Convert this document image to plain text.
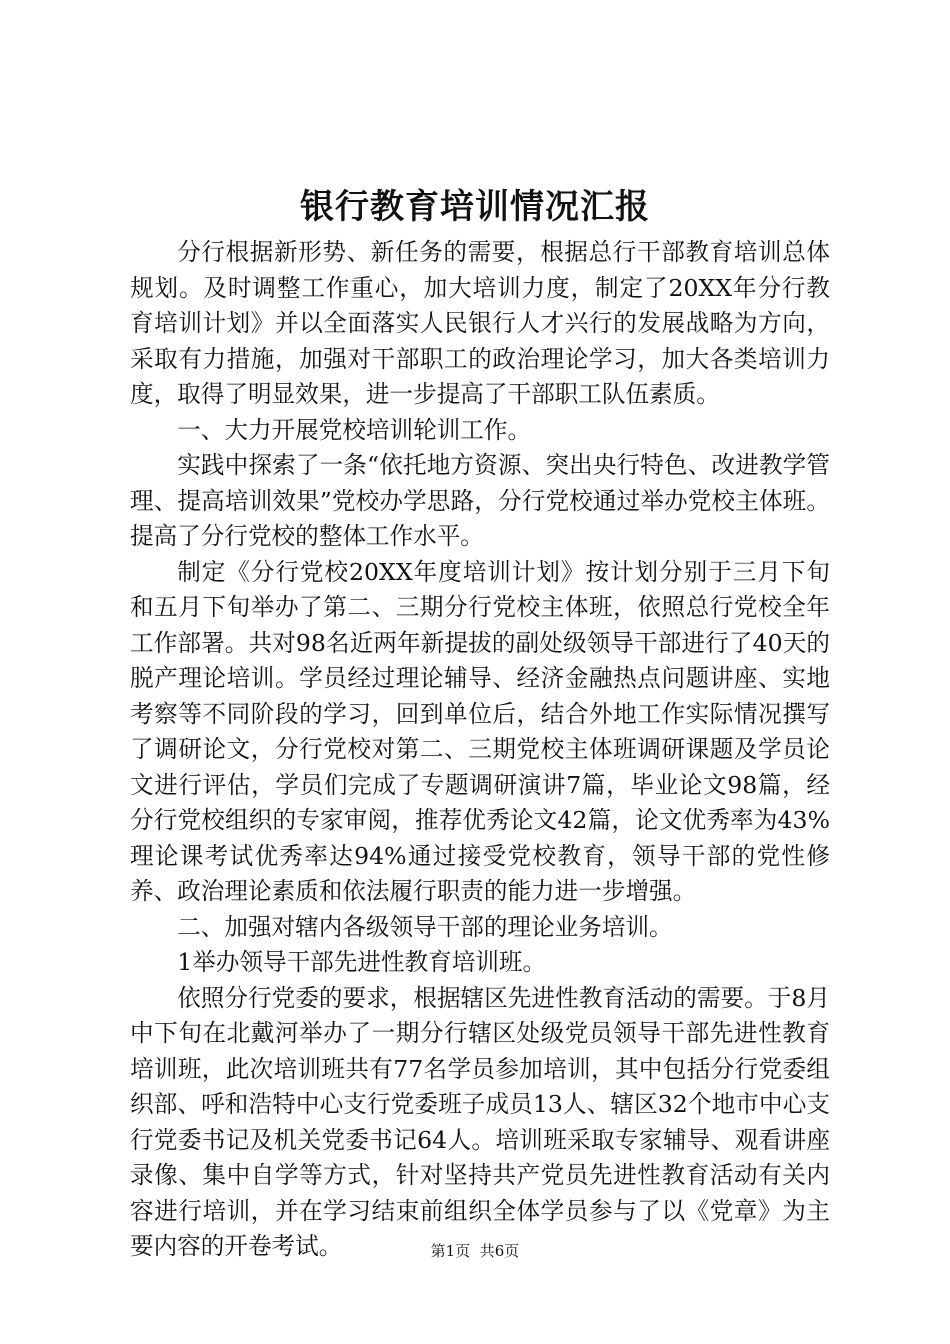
银行教育培训情况汇报

分行根据新形势、新任务的需要，根据总行干部教育培训总体规划。及时调整工作重心，加大培训力度，制定了20XX年分行教育培训计划》并以全面落实人民银行人才兴行的发展战略为方向，采取有力措施，加强对干部职工的政治理论学习，加大各类培训力度，取得了明显效果，进一步提高了干部职工队伍素质。

一、大力开展党校培训轮训工作。

实践中探索了一条“依托地方资源、突出央行特色、改进教学管理、提高培训效果”党校办学思路，分行党校通过举办党校主体班。提高了分行党校的整体工作水平。

制定《分行党校20XX年度培训计划》按计划分别于三月下旬和五月下旬举办了第二、三期分行党校主体班，依照总行党校全年工作部署。共对98名近两年新提拔的副处级领导干部进行了40天的脱产理论培训。学员经过理论辅导、经济金融热点问题讲座、实地考察等不同阶段的学习，回到单位后，结合外地工作实际情况撰写了调研论文，分行党校对第二、三期党校主体班调研课题及学员论文进行评估，学员们完成了专题调研演讲7篇，毕业论文98篇，经分行党校组织的专家审阅，推荐优秀论文42篇，论文优秀率为43%理论课考试优秀率达94%通过接受党校教育，领导干部的党性修养、政治理论素质和依法履行职责的能力进一步增强。

二、加强对辖内各级领导干部的理论业务培训。

1举办领导干部先进性教育培训班。

依照分行党委的要求，根据辖区先进性教育活动的需要。于8月中下旬在北戴河举办了一期分行辖区处级党员领导干部先进性教育培训班，此次培训班共有77名学员参加培训，其中包括分行党委组织部、呼和浩特中心支行党委班子成员13人、辖区32个地市中心支行党委书记及机关党委书记64人。培训班采取专家辅导、观看讲座录像、集中自学等方式，针对坚持共产党员先进性教育活动有关内容进行培训，并在学习结束前组织全体学员参与了以《党章》为主要内容的开卷考试。	第1页 共6页
